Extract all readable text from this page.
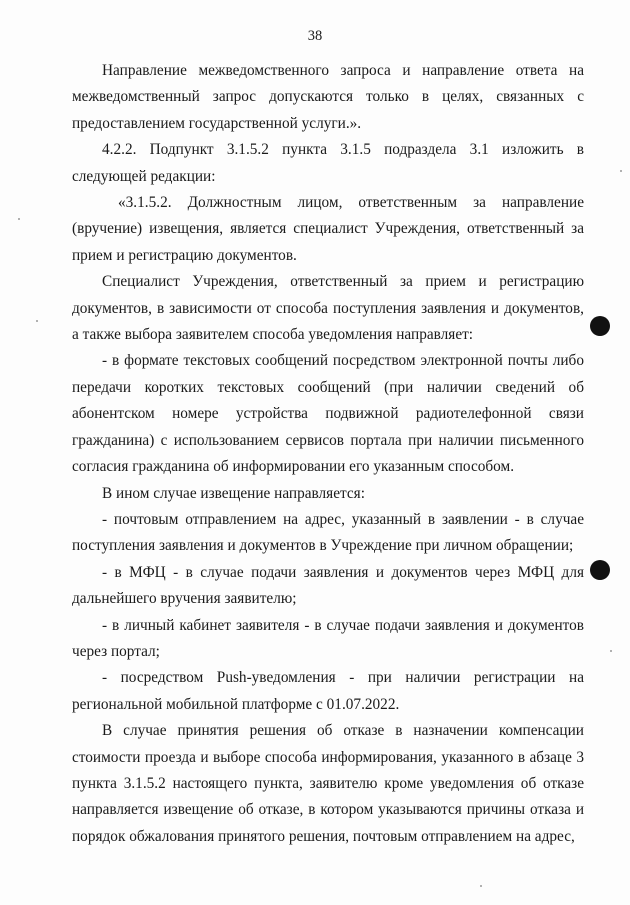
38

Направление межведомственного запроса и направление ответа на межведомственный запрос допускаются только в целях, связанных с предоставлением государственной услуги.».

4.2.2. Подпункт 3.1.5.2 пункта 3.1.5 подраздела 3.1 изложить в следующей редакции:

«3.1.5.2. Должностным лицом, ответственным за направление (вручение) извещения, является специалист Учреждения, ответственный за прием и регистрацию документов.

Специалист Учреждения, ответственный за прием и регистрацию документов, в зависимости от способа поступления заявления и документов, а также выбора заявителем способа уведомления направляет:

- в формате текстовых сообщений посредством электронной почты либо передачи коротких текстовых сообщений (при наличии сведений об абонентском номере устройства подвижной радиотелефонной связи гражданина) с использованием сервисов портала при наличии письменного согласия гражданина об информировании его указанным способом.

В ином случае извещение направляется:

- почтовым отправлением на адрес, указанный в заявлении - в случае поступления заявления и документов в Учреждение при личном обращении;

- в МФЦ - в случае подачи заявления и документов через МФЦ для дальнейшего вручения заявителю;

- в личный кабинет заявителя - в случае подачи заявления и документов через портал;

- посредством Push-уведомления - при наличии регистрации на региональной мобильной платформе с 01.07.2022.

В случае принятия решения об отказе в назначении компенсации стоимости проезда и выборе способа информирования, указанного в абзаце 3 пункта 3.1.5.2 настоящего пункта, заявителю кроме уведомления об отказе направляется извещение об отказе, в котором указываются причины отказа и порядок обжалования принятого решения, почтовым отправлением на адрес,
